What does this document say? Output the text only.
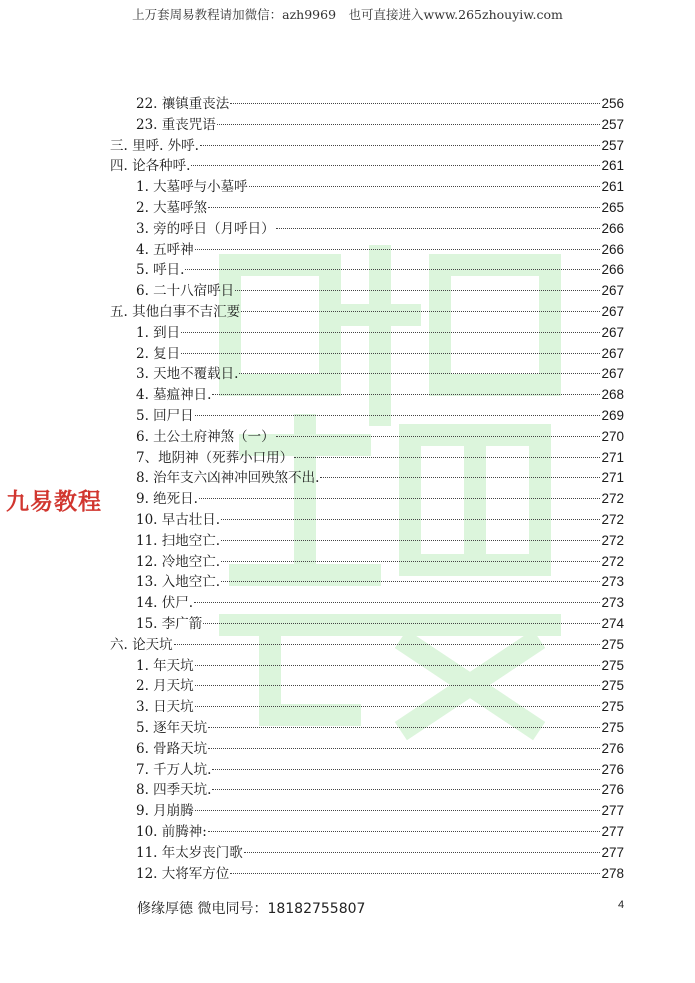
上万套周易教程请加微信：azh9969　也可直接进入www.265zhouyiw.com
九易教程
22. 禳镇重丧法	256
23. 重丧咒语	257
三. 里呼. 外呼.	257
四. 论各种呼.	261
1. 大墓呼与小墓呼	261
2. 大墓呼煞	265
3. 旁的呼日（月呼日）	266
4. 五呼神	266
5. 呼日.	266
6. 二十八宿呼日	267
五. 其他白事不吉汇要	267
1. 到日	267
2. 复日	267
3. 天地不覆载日.	267
4. 墓瘟神日.	268
5. 回尸日	269
6. 土公土府神煞（一）	270
7、地阴神（死葬小口用）	271
8. 治年支六凶神冲回殃煞不出.	271
9. 绝死日.	272
10. 早古壮日.	272
11. 扫地空亡.	272
12. 冷地空亡.	272
13. 入地空亡.	273
14. 伏尸.	273
15. 李广箭	274
六. 论天坑	275
1. 年天坑	275
2. 月天坑	275
3. 日天坑	275
5. 逐年天坑	275
6. 骨路天坑	276
7. 千万人坑.	276
8. 四季天坑.	276
9. 月崩腾	277
10. 前腾神:	277
11. 年太岁丧门歌	277
12. 大将军方位	278
修缘厚德 微电同号：18182755807	4
